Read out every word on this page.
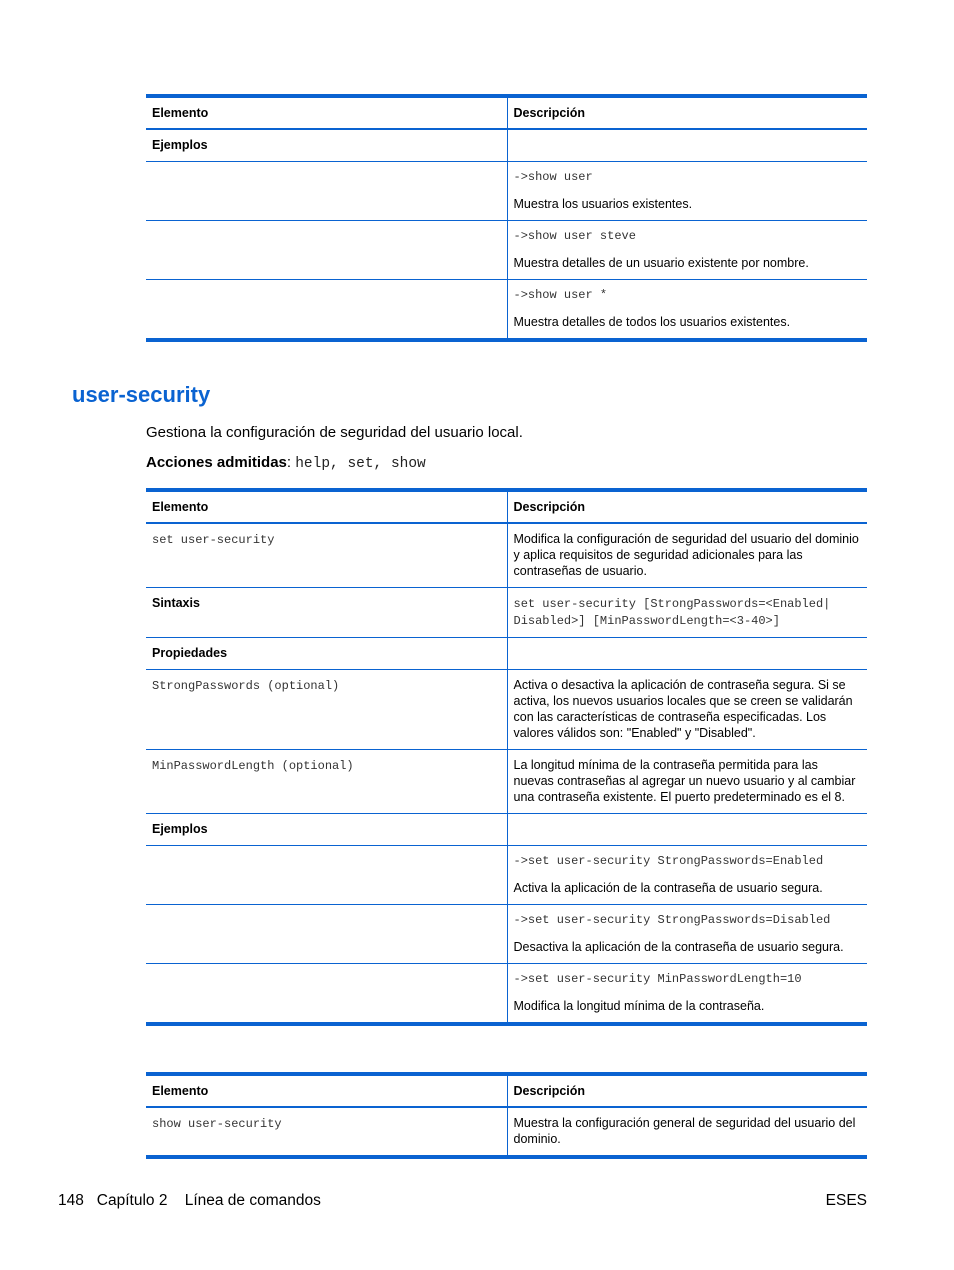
Elemento	Descripción
Ejemplos	

	->show user
Muestra los usuarios existentes.

	->show user steve
Muestra detalles de un usuario existente por nombre.

	->show user *
Muestra detalles de todos los usuarios existentes.
user-security

Gestiona la configuración de seguridad del usuario local.

Acciones admitidas: help, set, show

Elemento	Descripción
set user-security	Modifica la configuración de seguridad del usuario del dominio y aplica requisitos de seguridad adicionales para las contraseñas de usuario.
Sintaxis	set user-security [StrongPasswords=<Enabled| Disabled>] [MinPasswordLength=<3-40>]
Propiedades	
StrongPasswords (optional)	Activa o desactiva la aplicación de contraseña segura. Si se activa, los nuevos usuarios locales que se creen se validarán con las características de contraseña especificadas. Los valores válidos son: "Enabled" y "Disabled".
MinPasswordLength (optional)	La longitud mínima de la contraseña permitida para las nuevas contraseñas al agregar un nuevo usuario y al cambiar una contraseña existente. El puerto predeterminado es el 8.
Ejemplos	

	->set user-security StrongPasswords=Enabled
Activa la aplicación de la contraseña de usuario segura.

	->set user-security StrongPasswords=Disabled
Desactiva la aplicación de la contraseña de usuario segura.

	->set user-security MinPasswordLength=10
Modifica la longitud mínima de la contraseña.
Elemento	Descripción
show user-security	Muestra la configuración general de seguridad del usuario del dominio.
148 Capítulo 2 Línea de comandos	ESES
